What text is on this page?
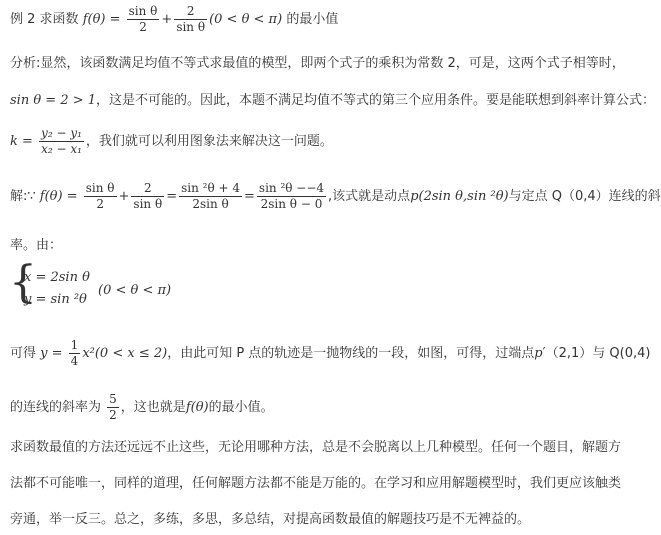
例 2 求函数 $f(\theta) = \frac{\text{sin θ}}{2} + \frac{2}{\text{sin θ}} (0 < \theta < \pi)$ 的最小值
分析:显然，该函数满足均值不等式求最值的模型，即两个式子的乘积为常数 2，可是，这两个式子相等时，
sin θ = 2 > 1，这是不可能的。因此，本题不满足均值不等式的第三个应用条件。要是能联想到斜率计算公式：
$k = \frac{\text{y₂ − y₁}}{\text{x₂ − x₁}}$ ，我们就可以利用图象法来解决这一问题。
解:∵ $f(\theta) = \frac{\text{sin θ}}{2} + \frac{2}{\text{sin θ}} = \frac{\text{sin ²θ + 4}}{\text{2sin θ}} = \frac{\text{sin ²θ −−4}}{\text{2sin θ − 0}}$ ,该式就是动点p(2sin θ,sin ²θ)与定点 Q（0,4）连线的斜
率。由：
{
x = 2sin θ
y = sin ²θ
(0 < θ < π)
可得 $y = \frac{1}{4} x^2(0 < x \le 2)$，由此可知 P 点的轨迹是一抛物线的一段，如图，可得，过端点p′（2,1）与 Q(0,4)
的连线的斜率为 $\frac{5}{2}$ ，这也就是f(θ)的最小值。
求函数最值的方法还远远不止这些，无论用哪种方法，总是不会脱离以上几种模型。任何一个题目，解题方
法都不可能唯一，同样的道理，任何解题方法都不能是万能的。在学习和应用解题模型时，我们更应该触类
旁通，举一反三。总之，多练，多思，多总结，对提高函数最值的解题技巧是不无裨益的。
